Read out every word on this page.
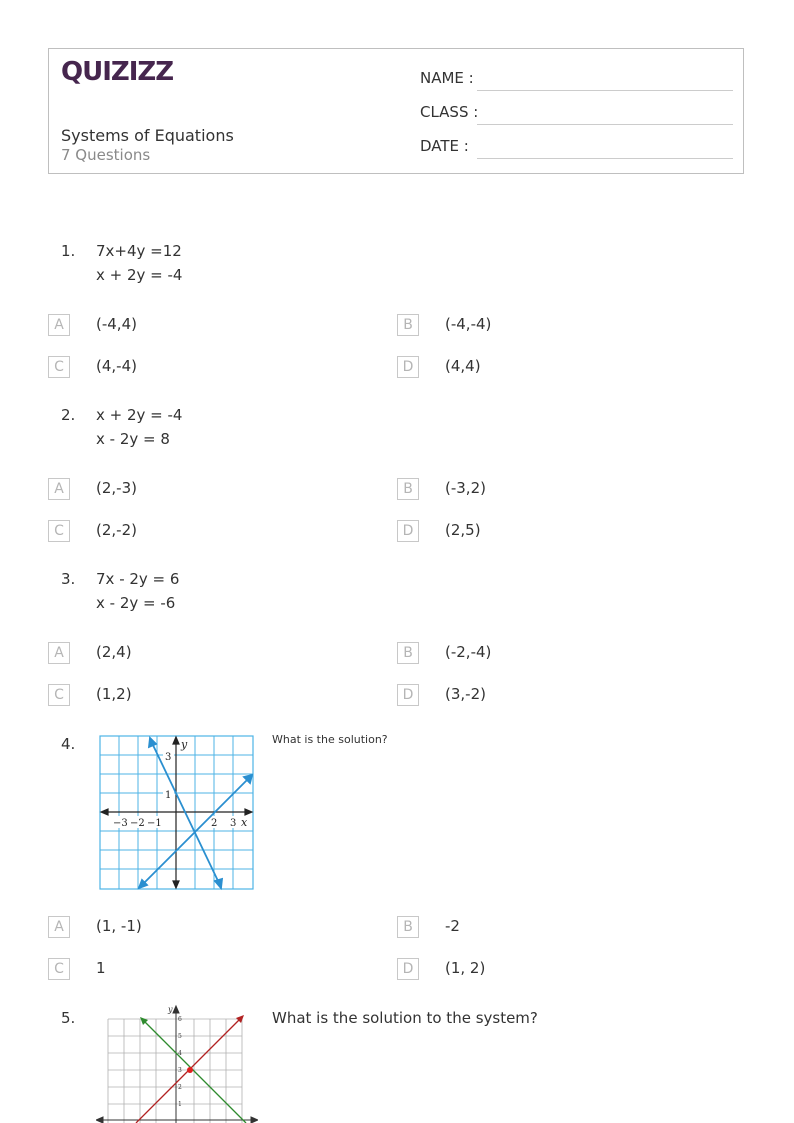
QUIZIZZ
Systems of Equations
7 Questions
NAME :
CLASS :
DATE :
1. 7x+4y =12
x + 2y = -4
A	(-4,4)	B	(-4,-4)
C	(4,-4)	D	(4,4)
2. x + 2y = -4
x - 2y = 8
A	(2,-3)	B	(-3,2)
C	(2,-2)	D	(2,5)
3. 7x - 2y = 6
x - 2y = -6
A	(2,4)	B	(-2,-4)
C	(1,2)	D	(3,-2)
4.	y
x
−3 −2 −1	2 3
1
3
What is the solution?
A	(1, -1)	B	-2
C	1	D	(1, 2)
5.	y
6
5
4
3
2
1
What is the solution to the system?
